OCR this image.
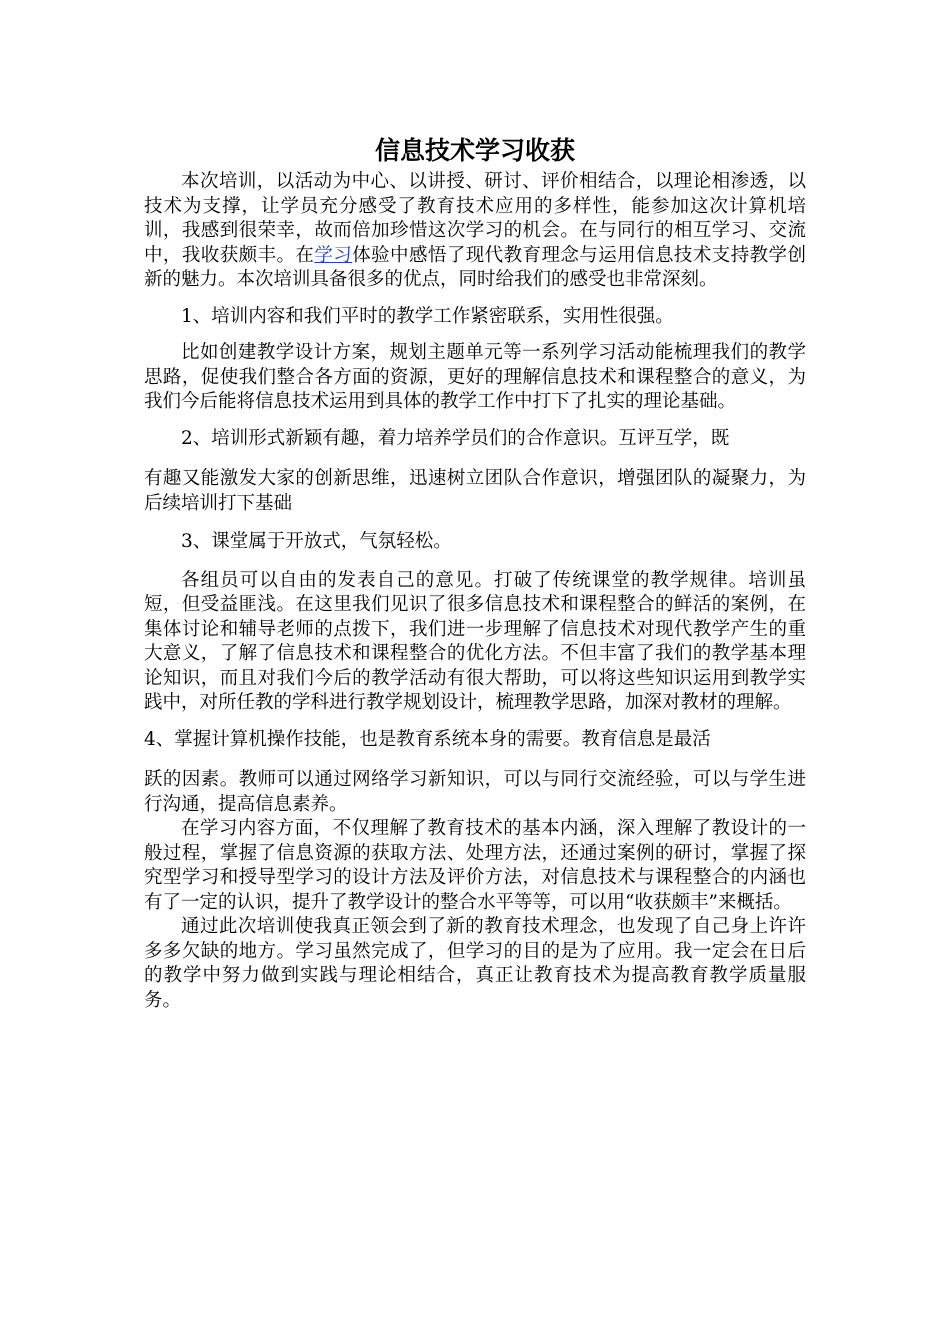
信息技术学习收获

本次培训，以活动为中心、以讲授、研讨、评价相结合，以理论相渗透，以技术为支撑，让学员充分感受了教育技术应用的多样性，能参加这次计算机培训，我感到很荣幸，故而倍加珍惜这次学习的机会。在与同行的相互学习、交流中，我收获颇丰。在学习体验中感悟了现代教育理念与运用信息技术支持教学创新的魅力。本次培训具备很多的优点，同时给我们的感受也非常深刻。

1、培训内容和我们平时的教学工作紧密联系，实用性很强。

比如创建教学设计方案，规划主题单元等一系列学习活动能梳理我们的教学思路，促使我们整合各方面的资源，更好的理解信息技术和课程整合的意义，为我们今后能将信息技术运用到具体的教学工作中打下了扎实的理论基础。

2、培训形式新颖有趣，着力培养学员们的合作意识。互评互学，既

有趣又能激发大家的创新思维，迅速树立团队合作意识，增强团队的凝聚力，为后续培训打下基础

3、课堂属于开放式，气氛轻松。

各组员可以自由的发表自己的意见。打破了传统课堂的教学规律。培训虽短，但受益匪浅。在这里我们见识了很多信息技术和课程整合的鲜活的案例，在集体讨论和辅导老师的点拨下，我们进一步理解了信息技术对现代教学产生的重大意义，了解了信息技术和课程整合的优化方法。不但丰富了我们的教学基本理论知识，而且对我们今后的教学活动有很大帮助，可以将这些知识运用到教学实践中，对所任教的学科进行教学规划设计，梳理教学思路，加深对教材的理解。

4、掌握计算机操作技能，也是教育系统本身的需要。教育信息是最活

跃的因素。教师可以通过网络学习新知识，可以与同行交流经验，可以与学生进行沟通，提高信息素养。

在学习内容方面，不仅理解了教育技术的基本内涵，深入理解了教设计的一般过程，掌握了信息资源的获取方法、处理方法，还通过案例的研讨，掌握了探究型学习和授导型学习的设计方法及评价方法，对信息技术与课程整合的内涵也有了一定的认识，提升了教学设计的整合水平等等，可以用“收获颇丰”来概括。

通过此次培训使我真正领会到了新的教育技术理念，也发现了自己身上许许多多欠缺的地方。学习虽然完成了，但学习的目的是为了应用。我一定会在日后的教学中努力做到实践与理论相结合，真正让教育技术为提高教育教学质量服务。
